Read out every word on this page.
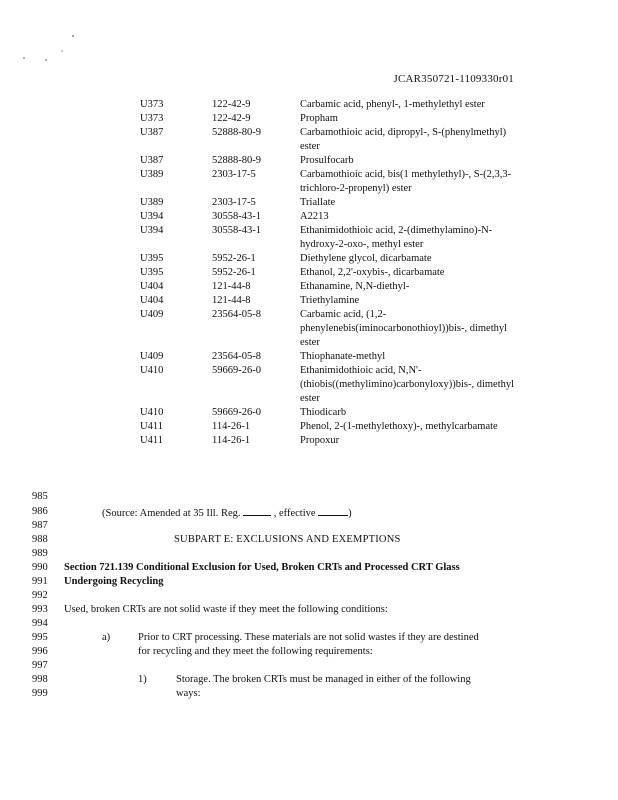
JCAR350721-1109330r01
U373	122-42-9	Carbamic acid, phenyl-, 1-methylethyl ester
U373	122-42-9	Propham
U387	52888-80-9	Carbamothioic acid, dipropyl-, S-(phenylmethyl) ester
U387	52888-80-9	Prosulfocarb
U389	2303-17-5	Carbamothioic acid, bis(1 methylethyl)-, S-(2,3,3-trichloro-2-propenyl) ester
U389	2303-17-5	Triallate
U394	30558-43-1	A2213
U394	30558-43-1	Ethanimidothioic acid, 2-(dimethylamino)-N-hydroxy-2-oxo-, methyl ester
U395	5952-26-1	Diethylene glycol, dicarbamate
U395	5952-26-1	Ethanol, 2,2'-oxybis-, dicarbamate
U404	121-44-8	Ethanamine, N,N-diethyl-
U404	121-44-8	Triethylamine
U409	23564-05-8	Carbamic acid, (1,2-phenylenebis(iminocarbonothioyl))bis-, dimethyl ester
U409	23564-05-8	Thiophanate-methyl
U410	59669-26-0	Ethanimidothioic acid, N,N'-(thiobis((methylimino)carbonyloxy))bis-, dimethyl ester
U410	59669-26-0	Thiodicarb
U411	114-26-1	Phenol, 2-(1-methylethoxy)-, methylcarbamate
U411	114-26-1	Propoxur
985
986
987
988
989
990
991
992
993
994
995
996
997
998
999
(Source: Amended at 35 Ill. Reg.	, effective	)
SUBPART E: EXCLUSIONS AND EXEMPTIONS
Section 721.139 Conditional Exclusion for Used, Broken CRTs and Processed CRT Glass
Undergoing Recycling
Used, broken CRTs are not solid waste if they meet the following conditions:
a)	Prior to CRT processing. These materials are not solid wastes if they are destined
for recycling and they meet the following requirements:
1)	Storage. The broken CRTs must be managed in either of the following
ways:
